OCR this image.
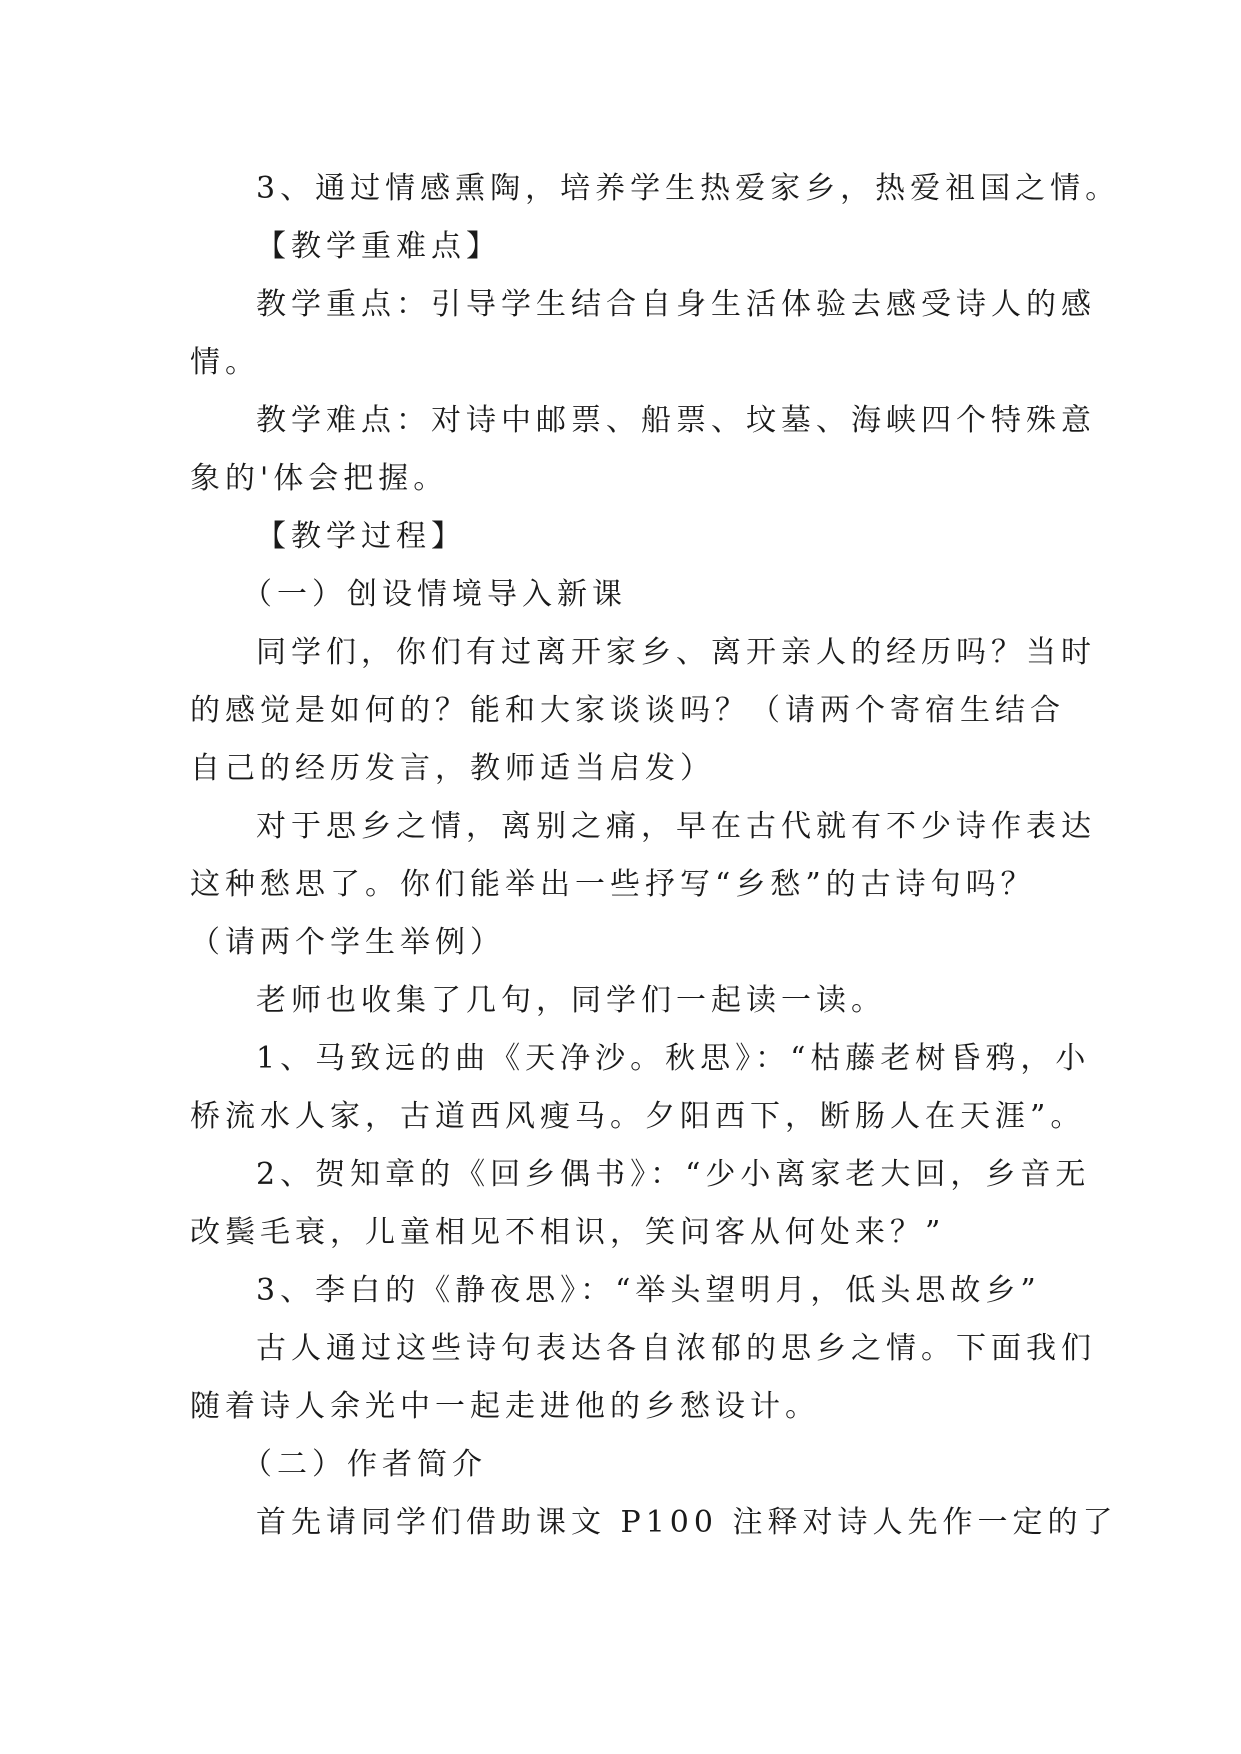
3、通过情感熏陶，培养学生热爱家乡，热爱祖国之情。
【教学重难点】
教学重点：引导学生结合自身生活体验去感受诗人的感
情。
教学难点：对诗中邮票、船票、坟墓、海峡四个特殊意
象的'体会把握。
【教学过程】
（一）创设情境导入新课
同学们，你们有过离开家乡、离开亲人的经历吗？当时
的感觉是如何的？能和大家谈谈吗？（请两个寄宿生结合
自己的经历发言，教师适当启发）
对于思乡之情，离别之痛，早在古代就有不少诗作表达
这种愁思了。你们能举出一些抒写“乡愁”的古诗句吗？
（请两个学生举例）
老师也收集了几句，同学们一起读一读。
1、马致远的曲《天净沙。秋思》：“枯藤老树昏鸦，小
桥流水人家，古道西风瘦马。夕阳西下，断肠人在天涯”。
2、贺知章的《回乡偶书》：“少小离家老大回，乡音无
改鬓毛衰，儿童相见不相识，笑问客从何处来？”
3、李白的《静夜思》：“举头望明月，低头思故乡”
古人通过这些诗句表达各自浓郁的思乡之情。下面我们
随着诗人余光中一起走进他的乡愁设计。
（二）作者简介
首先请同学们借助课文 P100 注释对诗人先作一定的了
